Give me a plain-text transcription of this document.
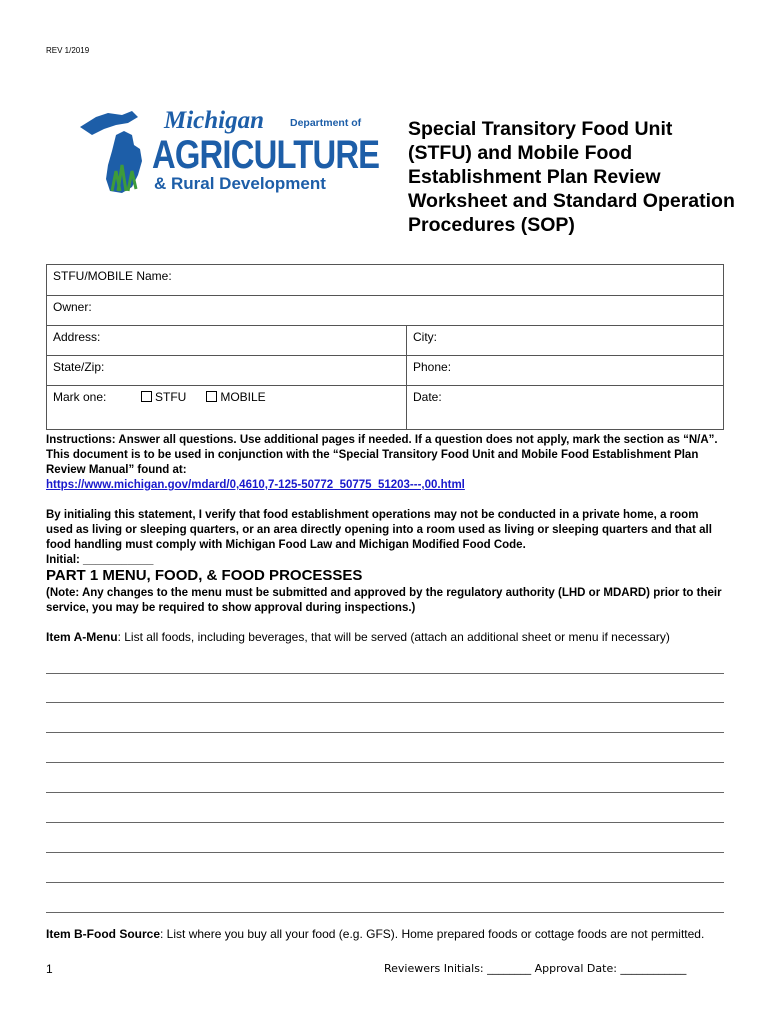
REV 1/2019
Michigan Department of
AGRICULTURE
& Rural Development
Special Transitory Food Unit (STFU) and Mobile Food Establishment Plan Review Worksheet and Standard Operation Procedures (SOP)
STFU/MOBILE Name:
Owner:
Address:	City:
State/Zip:	Phone:
Mark one:	STFU	MOBILE	Date:
Instructions: Answer all questions. Use additional pages if needed. If a question does not apply, mark the section as “N/A”. This document is to be used in conjunction with the “Special Transitory Food Unit and Mobile Food Establishment Plan Review Manual” found at:
https://www.michigan.gov/mdard/0,4610,7-125-50772_50775_51203---,00.html
By initialing this statement, I verify that food establishment operations may not be conducted in a private home, a room used as living or sleeping quarters, or an area directly opening into a room used as living or sleeping quarters and that all food handling must comply with Michigan Food Law and Michigan Modified Food Code.
Initial: ___________
PART 1 MENU, FOOD, & FOOD PROCESSES
(Note: Any changes to the menu must be submitted and approved by the regulatory authority (LHD or MDARD) prior to their service, you may be required to show approval during inspections.)
Item A-Menu: List all foods, including beverages, that will be served (attach an additional sheet or menu if necessary)
Item B-Food Source: List where you buy all your food (e.g. GFS). Home prepared foods or cottage foods are not permitted.
1	Reviewers Initials: ________ Approval Date: ____________
